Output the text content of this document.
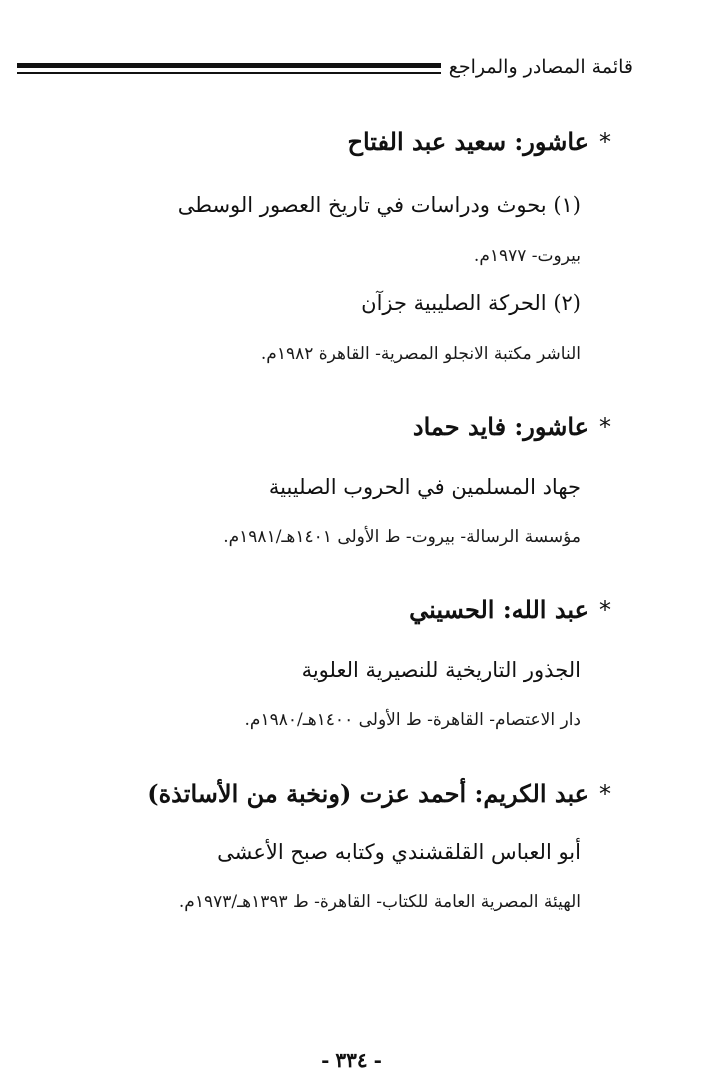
قائمة المصادر والمراجع
*عاشور: سعيد عبد الفتاح
(١) بحوث ودراسات في تاريخ العصور الوسطى
بيروت- ١٩٧٧م.
(٢) الحركة الصليبية جزآن
الناشر مكتبة الانجلو المصرية- القاهرة ١٩٨٢م.
*عاشور: فايد حماد
جهاد المسلمين في الحروب الصليبية
مؤسسة الرسالة- بيروت- ط الأولى ١٤٠١هـ/١٩٨١م.
*عبد الله: الحسيني
الجذور التاريخية للنصيرية العلوية
دار الاعتصام- القاهرة- ط الأولى ١٤٠٠هـ/١٩٨٠م.
*عبد الكريم: أحمد عزت (ونخبة من الأساتذة)
أبو العباس القلقشندي وكتابه صبح الأعشى
الهيئة المصرية العامة للكتاب- القاهرة- ط ١٣٩٣هـ/١٩٧٣م.
- ٣٣٤ -
